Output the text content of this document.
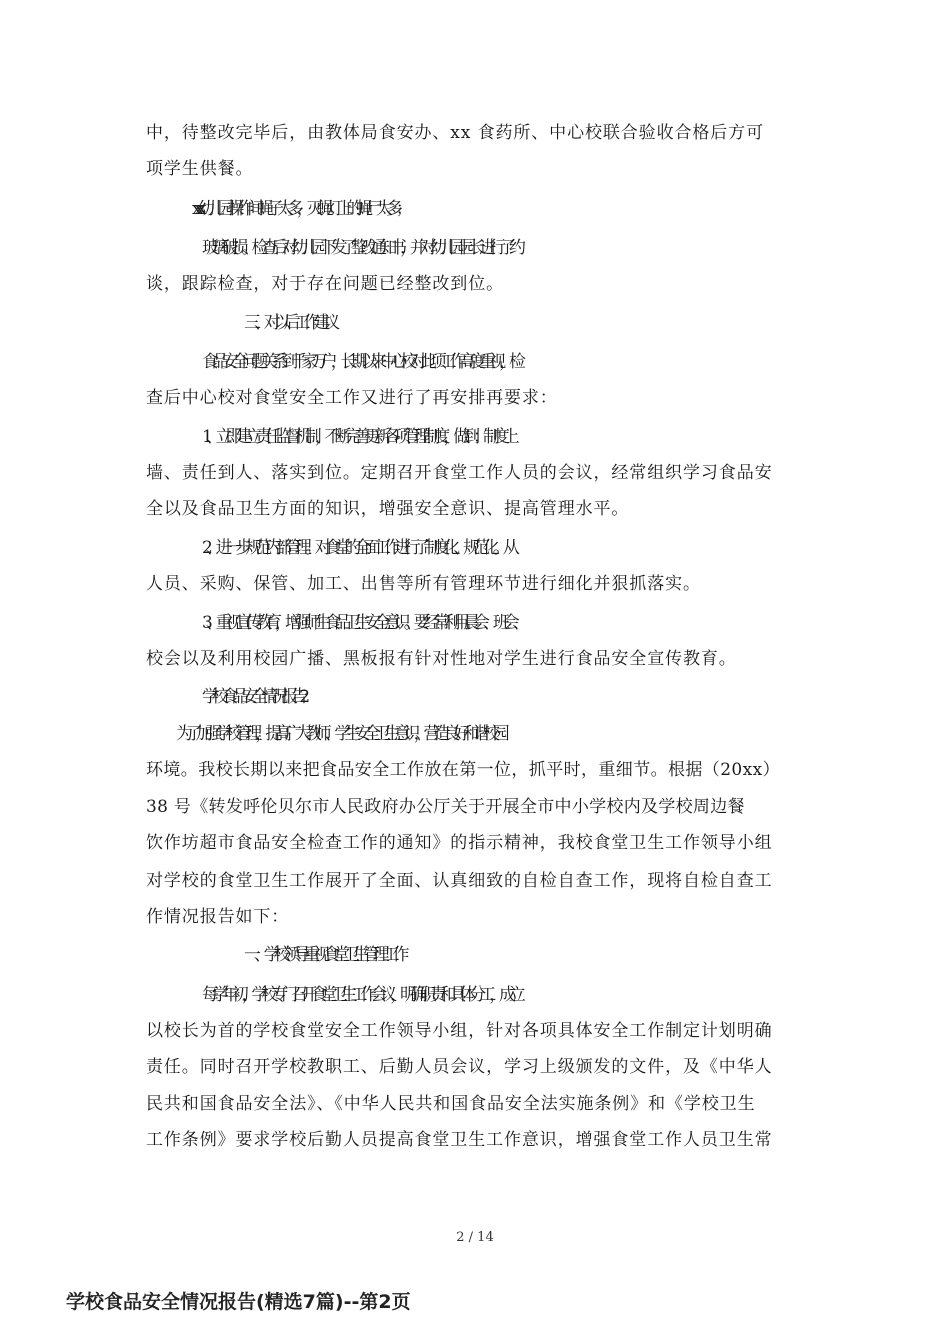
中，待整改完毕后，由教体局食安办、xx 食药所、中心校联合验收合格后方可
项学生供餐。
xxx 幼儿园操作间蝇子太多，灭蝇灯上的蝇尸太多；
玻璃破损。检查后对幼儿园下发了整改通知书，并对幼儿园园长进行了约
谈，跟踪检查，对于存在问题已经整改到位。
三、对以后工作建议
食品安全问题关系到千家万户，长期以来中心校对此项工作高度重视，检
查后中心校对食堂安全工作又进行了再安排再要求：
1、立即建立责任监督机制，不断完善更新各项管理制度，做到：制度上
墙、责任到人、落实到位。定期召开食堂工作人员的会议，经常组织学习食品安
全以及食品卫生方面的知识，增强安全意识、提高管理水平。
2、进一步规范内部管理。对食堂的全面工作进行了制度化、规范化。从
人员、采购、保管、加工、出售等所有管理环节进行细化并狠抓落实。
3、重视宣传教育，增强师生食品卫生安全意识。要经常利用晨会、班会、
校会以及利用校园广播、黑板报有针对性地对学生进行食品安全宣传教育。
学校食品安全情况报告 2
为了加强学校管理，提高广大教师、学生安全卫生意识，营造良好和谐校园
环境。我校长期以来把食品安全工作放在第一位，抓平时，重细节。根据（20xx）
38 号《转发呼伦贝尔市人民政府办公厅关于开展全市中小学校内及学校周边餐
饮作坊超市食品安全检查工作的通知》的指示精神，我校食堂卫生工作领导小组
对学校的食堂卫生工作展开了全面、认真细致的自检自查工作，现将自检自查工
作情况报告如下：
一、学校领导重视食堂卫生管理工作
每学年初，学校专门召开食堂卫生工作会议，明确职责和具体分工，成立
以校长为首的学校食堂安全工作领导小组，针对各项具体安全工作制定计划明确
责任。同时召开学校教职工、后勤人员会议，学习上级颁发的文件，及《中华人
民共和国食品安全法》、《中华人民共和国食品安全法实施条例》和《学校卫生
工作条例》要求学校后勤人员提高食堂卫生工作意识，增强食堂工作人员卫生常
2 / 14
学校食品安全情况报告(精选7篇)--第2页
